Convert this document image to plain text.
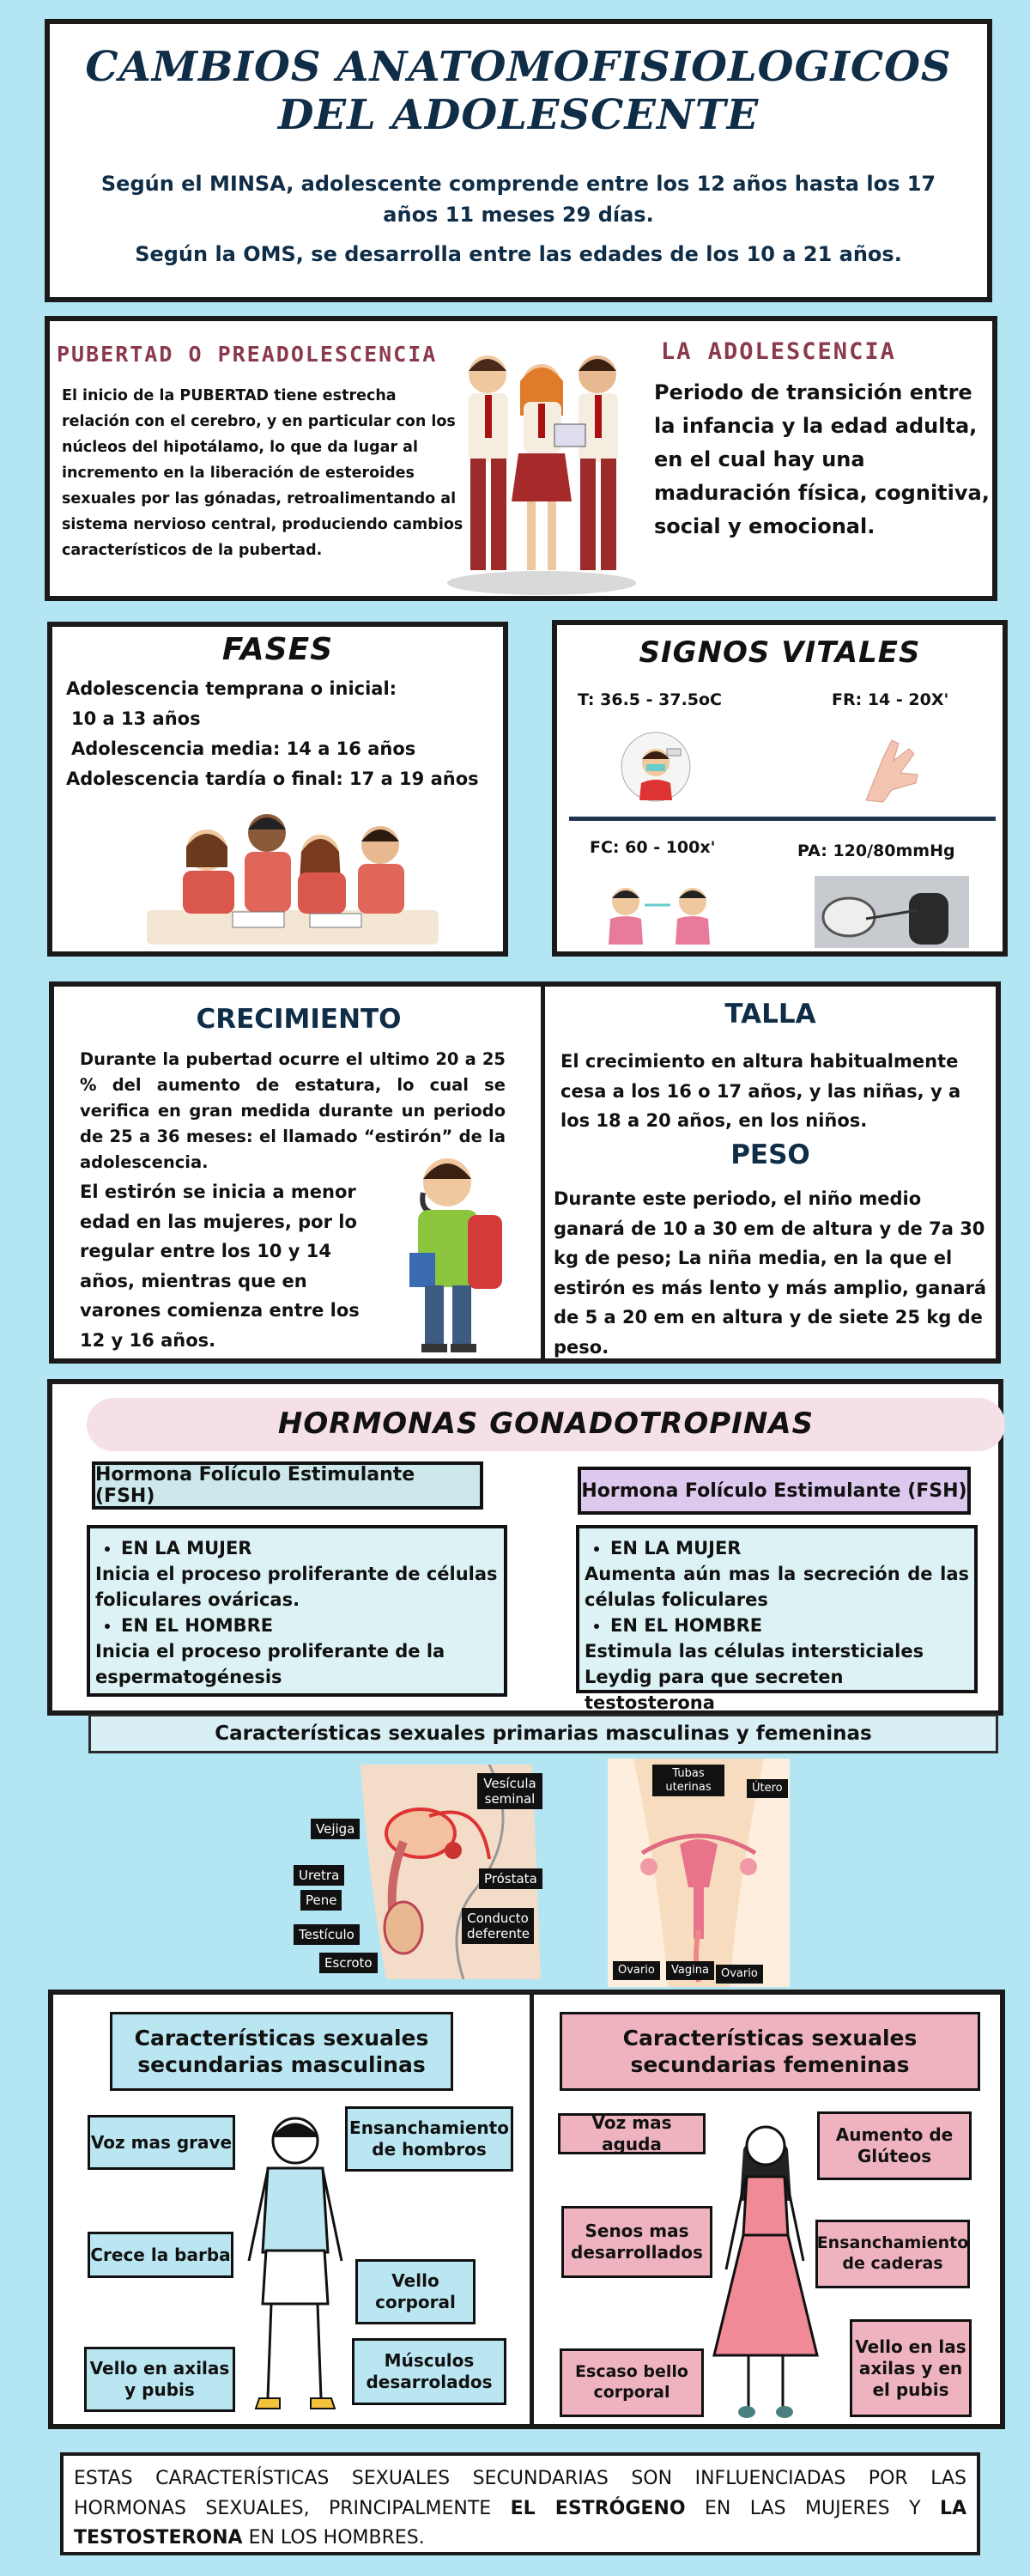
CAMBIOS ANATOMOFISIOLOGICOS
DEL ADOLESCENTE

Según el MINSA, adolescente comprende entre los 12 años hasta los 17 años 11 meses 29 días.

Según la OMS, se desarrolla entre las edades de los 10 a 21 años.

PUBERTAD O PREADOLESCENCIA

El inicio de la PUBERTAD tiene estrecha relación con el cerebro, y en particular con los núcleos del hipotálamo, lo que da lugar al incremento en la liberación de esteroides sexuales por las gónadas, retroalimentando al sistema nervioso central, produciendo cambios característicos de la pubertad.

LA ADOLESCENCIA

Periodo de transición entre la infancia y la edad adulta, en el cual hay una maduración física, cognitiva, social y emocional.

FASES

Adolescencia temprana o inicial:

10 a 13 años

Adolescencia media: 14 a 16 años

Adolescencia tardía o final: 17 a 19 años

SIGNOS VITALES

T: 36.5 - 37.5oC	FR: 14 - 20X'

FC: 60 - 100x'	PA: 120/80mmHg

CRECIMIENTO

Durante la pubertad ocurre el ultimo 20 a 25 % del aumento de estatura, lo cual se verifica en gran medida durante un periodo de 25 a 36 meses: el llamado “estirón” de la adolescencia.

El estirón se inicia a menor edad en las mujeres, por lo regular entre los 10 y 14 años, mientras que en varones comienza entre los 12 y 16 años.

TALLA

El crecimiento en altura habitualmente cesa a los 16 o 17 años, y las niñas, y a los 18 a 20 años, en los niños.

PESO

Durante este periodo, el niño medio ganará de 10 a 30 em de altura y de 7a 30 kg de peso; La niña media, en la que el estirón es más lento y más amplio, ganará de 5 a 20 em en altura y de siete 25 kg de peso.

HORMONAS GONADOTROPINAS

Hormona Folículo Estimulante (FSH)	Hormona Folículo Estimulante (FSH)
• EN LA MUJER
Inicia el proceso proliferante de células foliculares ováricas.
• EN EL HOMBRE
Inicia el proceso proliferante de la espermatogénesis
• EN LA MUJER
Aumenta aún mas la secreción de las células foliculares
• EN EL HOMBRE
Estimula las células intersticiales Leydig para que secreten testosterona
Características sexuales primarias masculinas y femeninas
Vejiga
Vesícula seminal
Uretra
Pene
Testículo
Próstata
Conducto deferente
Escroto
Tubas uterinas	Útero
Ovario	Vagina	Ovario
Características sexuales secundarias masculinas
Voz mas grave
Ensanchamiento de hombros
Crece la barba
Vello corporal
Vello en axilas y pubis
Músculos desarrolados
Características sexuales secundarias femeninas
Voz mas aguda	Aumento de Glúteos
Senos mas desarrollados	Ensanchamiento de caderas
Escaso bello corporal
Vello en las axilas y en el pubis

ESTAS CARACTERÍSTICAS SEXUALES SECUNDARIAS SON INFLUENCIADAS POR LAS HORMONAS SEXUALES, PRINCIPALMENTE EL ESTRÓGENO EN LAS MUJERES Y LA TESTOSTERONA EN LOS HOMBRES.
